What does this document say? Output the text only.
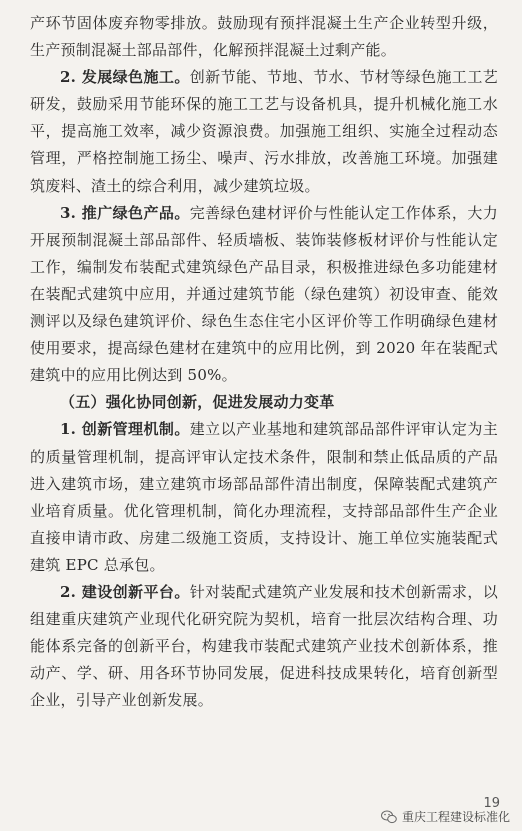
产环节固体废弃物零排放。鼓励现有预拌混凝土生产企业转型升级，生产预制混凝土部品部件，化解预拌混凝土过剩产能。

2. 发展绿色施工。创新节能、节地、节水、节材等绿色施工工艺研发，鼓励采用节能环保的施工工艺与设备机具，提升机械化施工水平，提高施工效率，减少资源浪费。加强施工组织、实施全过程动态管理，严格控制施工扬尘、噪声、污水排放，改善施工环境。加强建筑废料、渣土的综合利用，减少建筑垃圾。

3. 推广绿色产品。完善绿色建材评价与性能认定工作体系，大力开展预制混凝土部品部件、轻质墙板、装饰装修板材评价与性能认定工作，编制发布装配式建筑绿色产品目录，积极推进绿色多功能建材在装配式建筑中应用，并通过建筑节能（绿色建筑）初设审查、能效测评以及绿色建筑评价、绿色生态住宅小区评价等工作明确绿色建材使用要求，提高绿色建材在建筑中的应用比例，到 2020 年在装配式建筑中的应用比例达到 50%。

（五）强化协同创新，促进发展动力变革

1. 创新管理机制。建立以产业基地和建筑部品部件评审认定为主的质量管理机制，提高评审认定技术条件，限制和禁止低品质的产品进入建筑市场，建立建筑市场部品部件清出制度，保障装配式建筑产业培育质量。优化管理机制，简化办理流程，支持部品部件生产企业直接申请市政、房建二级施工资质，支持设计、施工单位实施装配式建筑 EPC 总承包。

2. 建设创新平台。针对装配式建筑产业发展和技术创新需求，以组建重庆建筑产业现代化研究院为契机，培育一批层次结构合理、功能体系完备的创新平台，构建我市装配式建筑产业技术创新体系，推动产、学、研、用各环节协同发展，促进科技成果转化，培育创新型企业，引导产业创新发展。

19
重庆工程建设标准化
